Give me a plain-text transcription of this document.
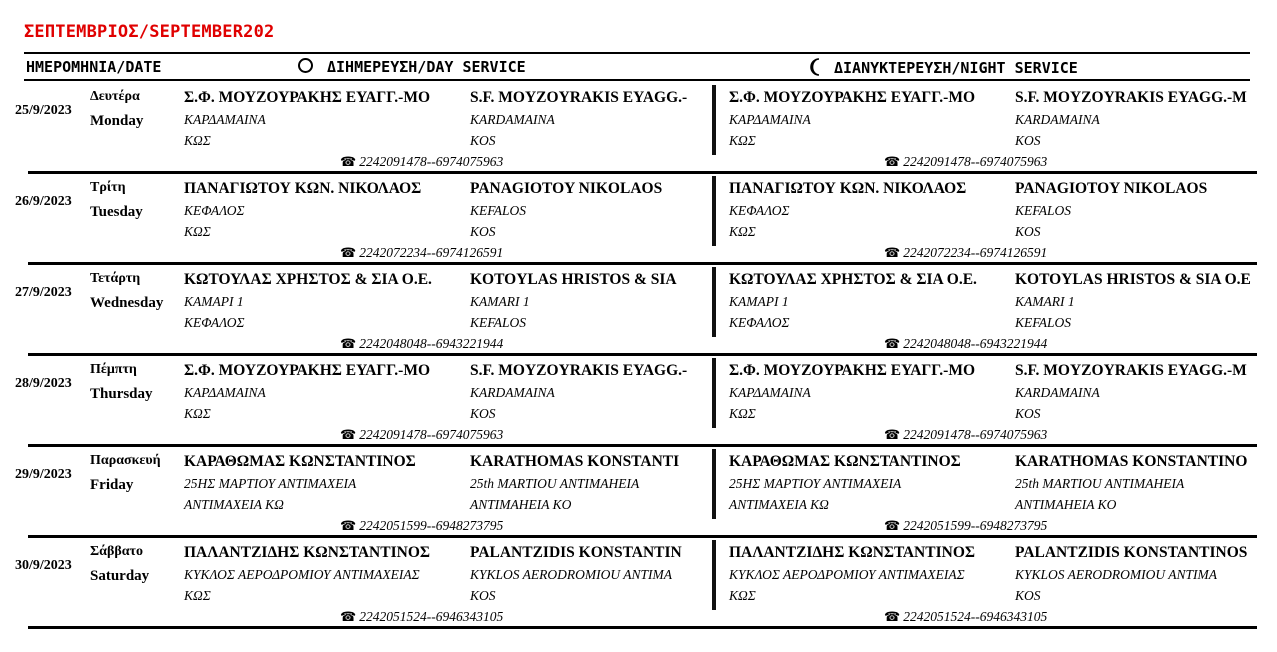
ΣΕΠΤΕΜΒΡΙΟΣ/SEPTEMBER202
ΗΜΕΡΟΜΗΝΙΑ/DATE	ΔΙΗΜΕΡΕΥΣΗ/DAY SERVICE	ΔΙΑΝΥΚΤΕΡΕΥΣΗ/NIGHT SERVICE
25/9/2023
Δευτέρα
Monday
Σ.Φ. ΜΟΥΖΟΥΡΑΚΗΣ ΕΥΑΓΓ.-ΜΟ
ΚΑΡΔΑΜΑΙΝΑ
ΚΩΣ
S.F. MOYZOYRAKIS EYAGG.-
KARDAMAINA
KOS
☎ 2242091478--6974075963
Σ.Φ. ΜΟΥΖΟΥΡΑΚΗΣ ΕΥΑΓΓ.-ΜΟ
ΚΑΡΔΑΜΑΙΝΑ
ΚΩΣ
S.F. MOYZOYRAKIS EYAGG.-M
KARDAMAINA
KOS
☎ 2242091478--6974075963
26/9/2023
Τρίτη
Tuesday
ΠΑΝΑΓΙΩΤΟΥ ΚΩΝ. ΝΙΚΟΛΑΟΣ
ΚΕΦΑΛΟΣ
ΚΩΣ
PANAGIOTOY NIKOLAOS
KEFALOS
KOS
☎ 2242072234--6974126591
ΠΑΝΑΓΙΩΤΟΥ ΚΩΝ. ΝΙΚΟΛΑΟΣ
ΚΕΦΑΛΟΣ
ΚΩΣ
PANAGIOTOY NIKOLAOS
KEFALOS
KOS
☎ 2242072234--6974126591
27/9/2023
Τετάρτη
Wednesday
ΚΩΤΟΥΛΑΣ ΧΡΗΣΤΟΣ & ΣΙΑ Ο.Ε.
ΚΑΜΑΡΙ 1
ΚΕΦΑΛΟΣ
KOTOYLAS HRISTOS & SIA
KAMARI 1
KEFALOS
☎ 2242048048--6943221944
ΚΩΤΟΥΛΑΣ ΧΡΗΣΤΟΣ & ΣΙΑ Ο.Ε.
ΚΑΜΑΡΙ 1
ΚΕΦΑΛΟΣ
KOTOYLAS HRISTOS & SIA O.E
KAMARI 1
KEFALOS
☎ 2242048048--6943221944
28/9/2023
Πέμπτη
Thursday
Σ.Φ. ΜΟΥΖΟΥΡΑΚΗΣ ΕΥΑΓΓ.-ΜΟ
ΚΑΡΔΑΜΑΙΝΑ
ΚΩΣ
S.F. MOYZOYRAKIS EYAGG.-
KARDAMAINA
KOS
☎ 2242091478--6974075963
Σ.Φ. ΜΟΥΖΟΥΡΑΚΗΣ ΕΥΑΓΓ.-ΜΟ
ΚΑΡΔΑΜΑΙΝΑ
ΚΩΣ
S.F. MOYZOYRAKIS EYAGG.-M
KARDAMAINA
KOS
☎ 2242091478--6974075963
29/9/2023
Παρασκευή
Friday
ΚΑΡΑΘΩΜΑΣ ΚΩΝΣΤΑΝΤΙΝΟΣ
25ΗΣ ΜΑΡΤΙΟΥ ΑΝΤΙΜΑΧΕΙΑ
ΑΝΤΙΜΑΧΕΙΑ ΚΩ
KARATHOMAS KONSTANTI
25th MARTIOU ANTIMAHEIA
ANTIMAHEIA KO
☎ 2242051599--6948273795
ΚΑΡΑΘΩΜΑΣ ΚΩΝΣΤΑΝΤΙΝΟΣ
25ΗΣ ΜΑΡΤΙΟΥ ΑΝΤΙΜΑΧΕΙΑ
ΑΝΤΙΜΑΧΕΙΑ ΚΩ
KARATHOMAS KONSTANTINO
25th MARTIOU ANTIMAHEIA
ANTIMAHEIA KO
☎ 2242051599--6948273795
30/9/2023
Σάββατο
Saturday
ΠΑΛΑΝΤΖΙΔΗΣ ΚΩΝΣΤΑΝΤΙΝΟΣ
ΚΥΚΛΟΣ ΑΕΡΟΔΡΟΜΙΟΥ ΑΝΤΙΜΑΧΕΙΑΣ
ΚΩΣ
PALANTZIDIS KONSTANTIN
KYKLOS AERODROMIOU ANTIMA
KOS
☎ 2242051524--6946343105
ΠΑΛΑΝΤΖΙΔΗΣ ΚΩΝΣΤΑΝΤΙΝΟΣ
ΚΥΚΛΟΣ ΑΕΡΟΔΡΟΜΙΟΥ ΑΝΤΙΜΑΧΕΙΑΣ
ΚΩΣ
PALANTZIDIS KONSTANTINOS
KYKLOS AERODROMIOU ANTIMA
KOS
☎ 2242051524--6946343105
